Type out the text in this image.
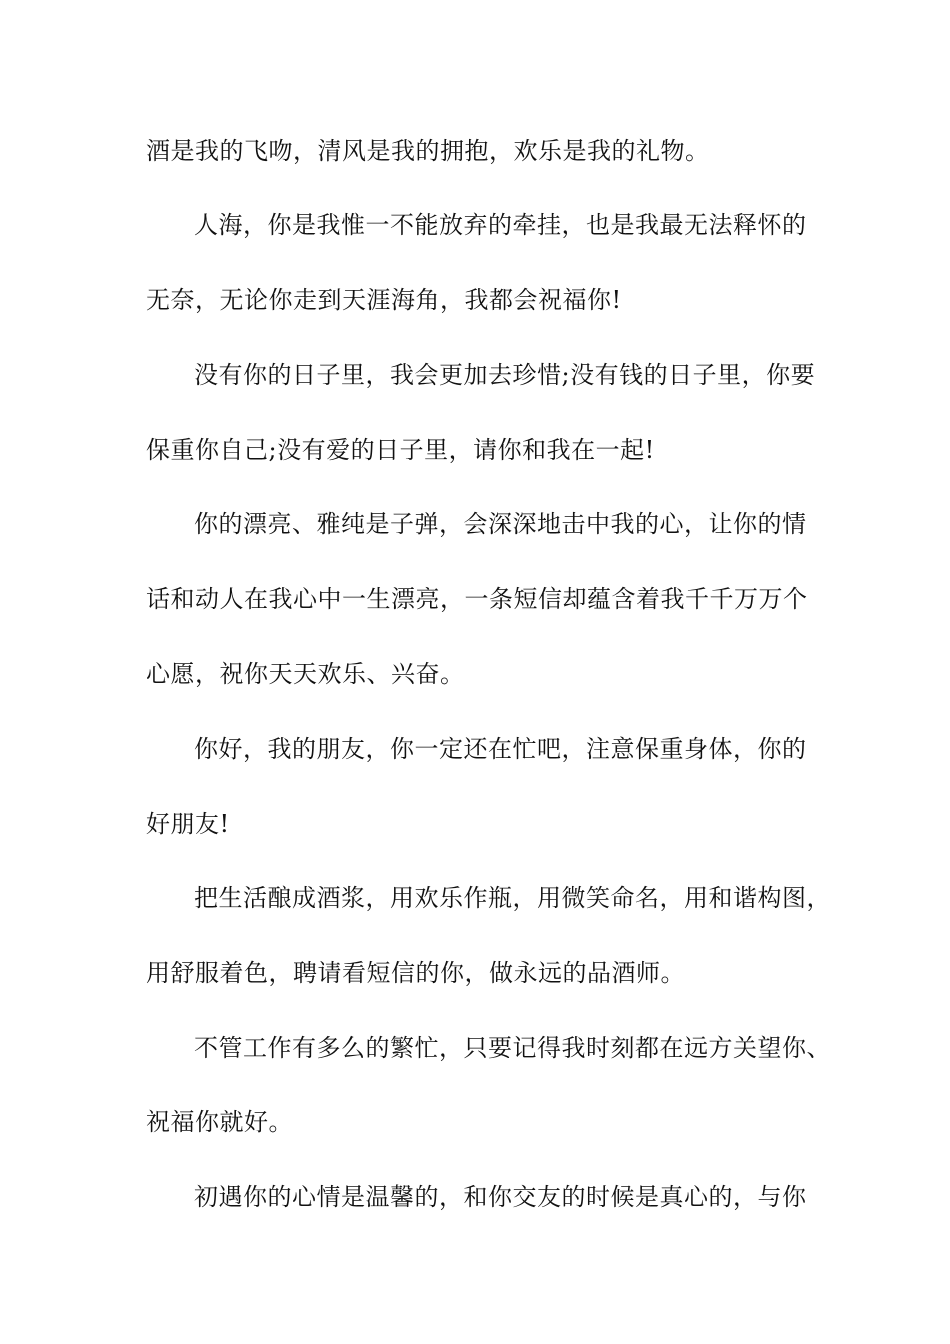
酒是我的飞吻，清风是我的拥抱，欢乐是我的礼物。
人海，你是我惟一不能放弃的牵挂，也是我最无法释怀的
无奈，无论你走到天涯海角，我都会祝福你!
没有你的日子里，我会更加去珍惜;没有钱的日子里，你要
保重你自己;没有爱的日子里，请你和我在一起!
你的漂亮、雅纯是子弹，会深深地击中我的心，让你的情
话和动人在我心中一生漂亮，一条短信却蕴含着我千千万万个
心愿，祝你天天欢乐、兴奋。
你好，我的朋友，你一定还在忙吧，注意保重身体，你的
好朋友!
把生活酿成酒浆，用欢乐作瓶，用微笑命名，用和谐构图，
用舒服着色，聘请看短信的你，做永远的品酒师。
不管工作有多么的繁忙，只要记得我时刻都在远方关望你、
祝福你就好。
初遇你的心情是温馨的，和你交友的时候是真心的，与你
